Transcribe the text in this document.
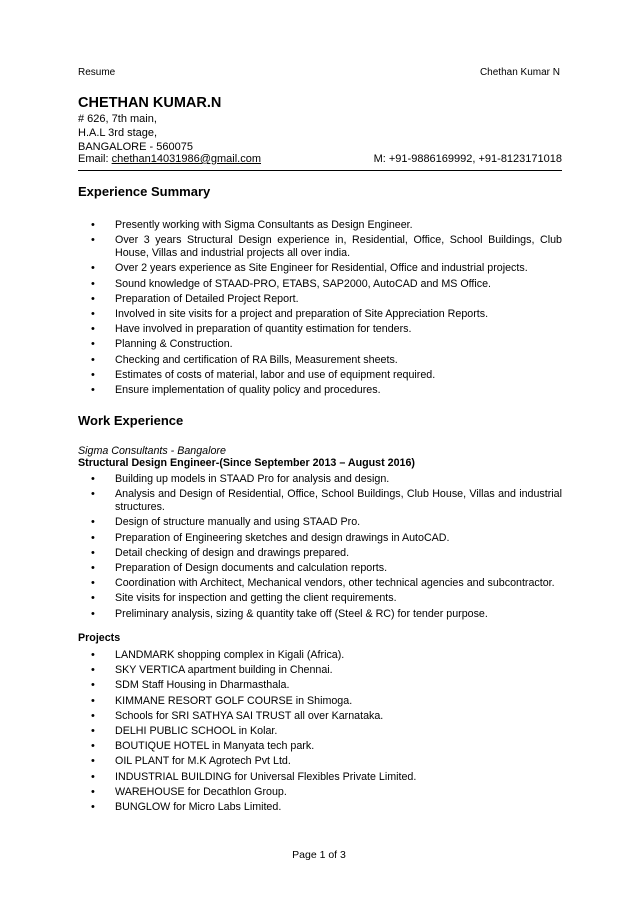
Resume	Chethan Kumar N
CHETHAN KUMAR.N
# 626, 7th main,
H.A.L 3rd stage,
BANGALORE - 560075
Email: chethan14031986@gmail.com	M: +91-9886169992, +91-8123171018
Experience Summary
• Presently working with Sigma Consultants as Design Engineer.
• Over 3 years Structural Design experience in, Residential, Office, School Buildings, Club House, Villas and industrial projects all over india.
• Over 2 years experience as Site Engineer for Residential, Office and industrial projects.
• Sound knowledge of STAAD-PRO, ETABS, SAP2000, AutoCAD and MS Office.
• Preparation of Detailed Project Report.
• Involved in site visits for a project and preparation of Site Appreciation Reports.
• Have involved in preparation of quantity estimation for tenders.
• Planning & Construction.
• Checking and certification of RA Bills, Measurement sheets.
• Estimates of costs of material, labor and use of equipment required.
• Ensure implementation of quality policy and procedures.
Work Experience
Sigma Consultants - Bangalore
Structural Design Engineer-(Since September 2013 – August 2016)
• Building up models in STAAD Pro for analysis and design.
• Analysis and Design of Residential, Office, School Buildings, Club House, Villas and industrial structures.
• Design of structure manually and using STAAD Pro.
• Preparation of Engineering sketches and design drawings in AutoCAD.
• Detail checking of design and drawings prepared.
• Preparation of Design documents and calculation reports.
• Coordination with Architect, Mechanical vendors, other technical agencies and subcontractor.
• Site visits for inspection and getting the client requirements.
• Preliminary analysis, sizing & quantity take off (Steel & RC) for tender purpose.
Projects
• LANDMARK shopping complex in Kigali (Africa).
• SKY VERTICA apartment building in Chennai.
• SDM Staff Housing in Dharmasthala.
• KIMMANE RESORT GOLF COURSE in Shimoga.
• Schools for SRI SATHYA SAI TRUST all over Karnataka.
• DELHI PUBLIC SCHOOL in Kolar.
• BOUTIQUE HOTEL in Manyata tech park.
• OIL PLANT for M.K Agrotech Pvt Ltd.
• INDUSTRIAL BUILDING for Universal Flexibles Private Limited.
• WAREHOUSE for Decathlon Group.
• BUNGLOW for Micro Labs Limited.
Page 1 of 3
